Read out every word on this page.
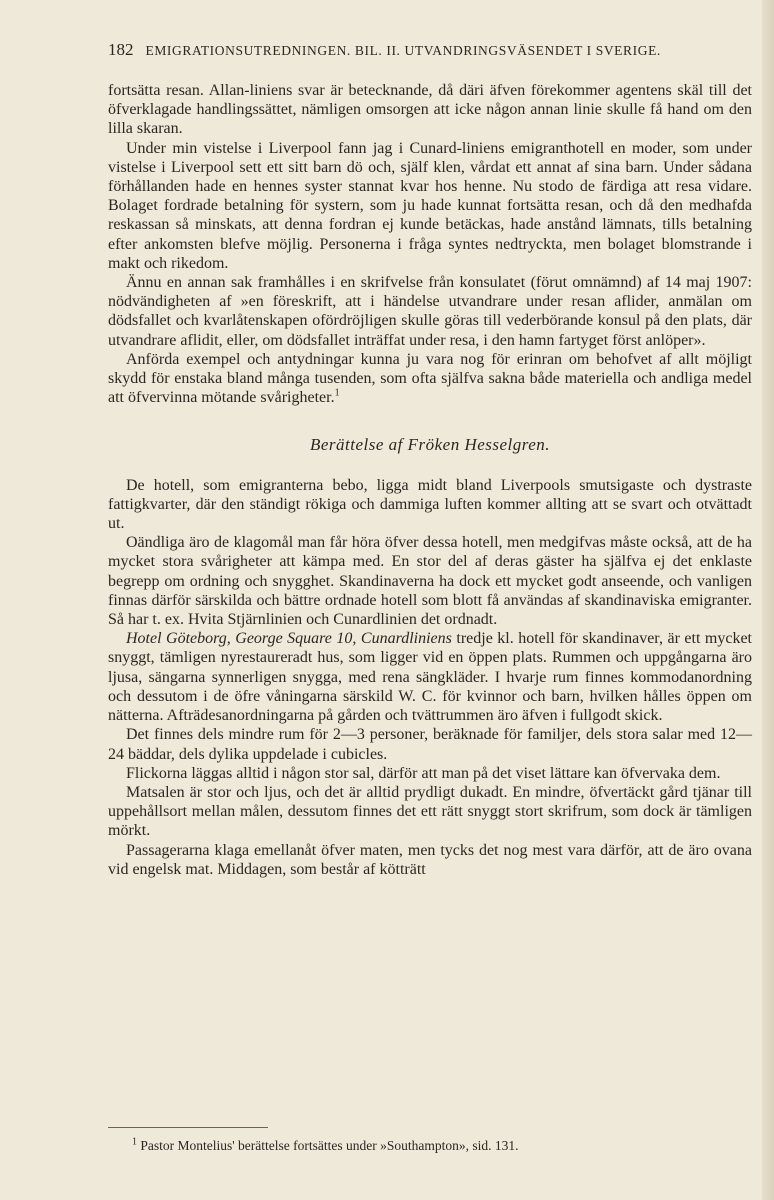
182 EMIGRATIONSUTREDNINGEN. BIL. II. UTVANDRINGSVÄSENDET I SVERIGE.

fortsätta resan. Allan-liniens svar är betecknande, då däri äfven förekommer agentens skäl till det öfverklagade handlingssättet, nämligen omsorgen att icke någon annan linie skulle få hand om den lilla skaran.

Under min vistelse i Liverpool fann jag i Cunard-liniens emigranthotell en moder, som under vistelse i Liverpool sett ett sitt barn dö och, själf klen, vårdat ett annat af sina barn. Under sådana förhållanden hade en hennes syster stannat kvar hos henne. Nu stodo de färdiga att resa vidare. Bolaget fordrade betalning för systern, som ju hade kunnat fortsätta resan, och då den medhafda reskassan så minskats, att denna fordran ej kunde betäckas, hade anstånd lämnats, tills betalning efter ankomsten blefve möjlig. Personerna i fråga syntes nedtryckta, men bolaget blomstrande i makt och rikedom.

Ännu en annan sak framhålles i en skrifvelse från konsulatet (förut omnämnd) af 14 maj 1907: nödvändigheten af »en föreskrift, att i händelse utvandrare under resan aflider, anmälan om dödsfallet och kvarlåtenskapen ofördröjligen skulle göras till vederbörande konsul på den plats, där utvandrare aflidit, eller, om dödsfallet inträffat under resa, i den hamn fartyget först anlöper».

Anförda exempel och antydningar kunna ju vara nog för erinran om behofvet af allt möjligt skydd för enstaka bland många tusenden, som ofta själfva sakna både materiella och andliga medel att öfvervinna mötande svårigheter.$^1$

Berättelse af Fröken Hesselgren.

De hotell, som emigranterna bebo, ligga midt bland Liverpools smutsigaste och dystraste fattigkvarter, där den ständigt rökiga och dammiga luften kommer allting att se svart och otvättadt ut.

Oändliga äro de klagomål man får höra öfver dessa hotell, men medgifvas måste också, att de ha mycket stora svårigheter att kämpa med. En stor del af deras gäster ha själfva ej det enklaste begrepp om ordning och snygghet. Skandinaverna ha dock ett mycket godt anseende, och vanligen finnas därför särskilda och bättre ordnade hotell som blott få användas af skandinaviska emigranter. Så har t. ex. Hvita Stjärnlinien och Cunardlinien det ordnadt.

Hotel Göteborg, George Square 10, Cunardliniens tredje kl. hotell för skandinaver, är ett mycket snyggt, tämligen nyrestaureradt hus, som ligger vid en öppen plats. Rummen och uppgångarna äro ljusa, sängarna synnerligen snygga, med rena sängkläder. I hvarje rum finnes kommodanordning och dessutom i de öfre våningarna särskild W. C. för kvinnor och barn, hvilken hålles öppen om nätterna. Afträdesanordningarna på gården och tvättrummen äro äfven i fullgodt skick.

Det finnes dels mindre rum för 2—3 personer, beräknade för familjer, dels stora salar med 12—24 bäddar, dels dylika uppdelade i cubicles.

Flickorna läggas alltid i någon stor sal, därför att man på det viset lättare kan öfvervaka dem.

Matsalen är stor och ljus, och det är alltid prydligt dukadt. En mindre, öfvertäckt gård tjänar till uppehållsort mellan målen, dessutom finnes det ett rätt snyggt stort skrifrum, som dock är tämligen mörkt.

Passagerarna klaga emellanåt öfver maten, men tycks det nog mest vara därför, att de äro ovana vid engelsk mat. Middagen, som består af kötträtt

$^1$ Pastor Montelius' berättelse fortsättes under »Southampton», sid. 131.
